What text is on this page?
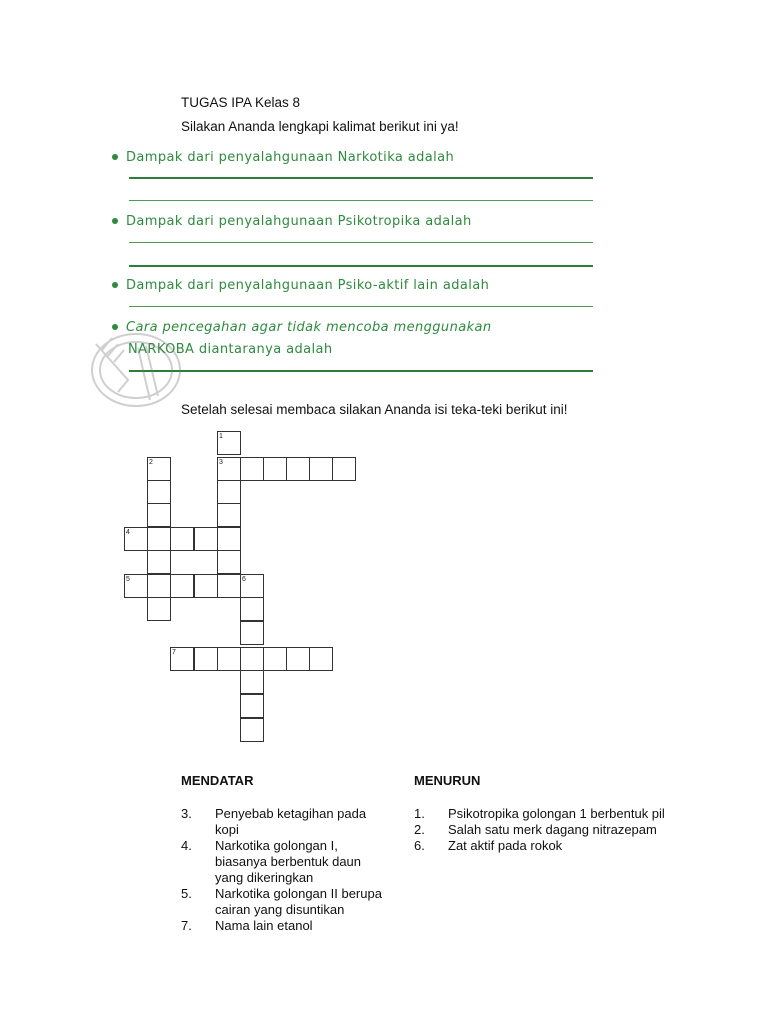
TUGAS IPA Kelas 8
Silakan Ananda lengkapi kalimat berikut ini ya!
Dampak dari penyalahgunaan Narkotika adalah
Dampak dari penyalahgunaan Psikotropika adalah
Dampak dari penyalahgunaan Psiko-aktif lain adalah
Cara pencegahan agar tidak mencoba menggunakan
NARKOBA diantaranya adalah
Setelah selesai membaca silakan Ananda isi teka-teki berikut ini!
1
2	3
4
5	6
7
MENDATAR
3.	Penyebab ketagihan pada kopi
4.	Narkotika golongan I, biasanya berbentuk daun yang dikeringkan
5.	Narkotika golongan II berupa cairan yang disuntikan
7.	Nama lain etanol
MENURUN
1.	Psikotropika golongan 1 berbentuk pil
2.	Salah satu merk dagang nitrazepam
6.	Zat aktif pada rokok
